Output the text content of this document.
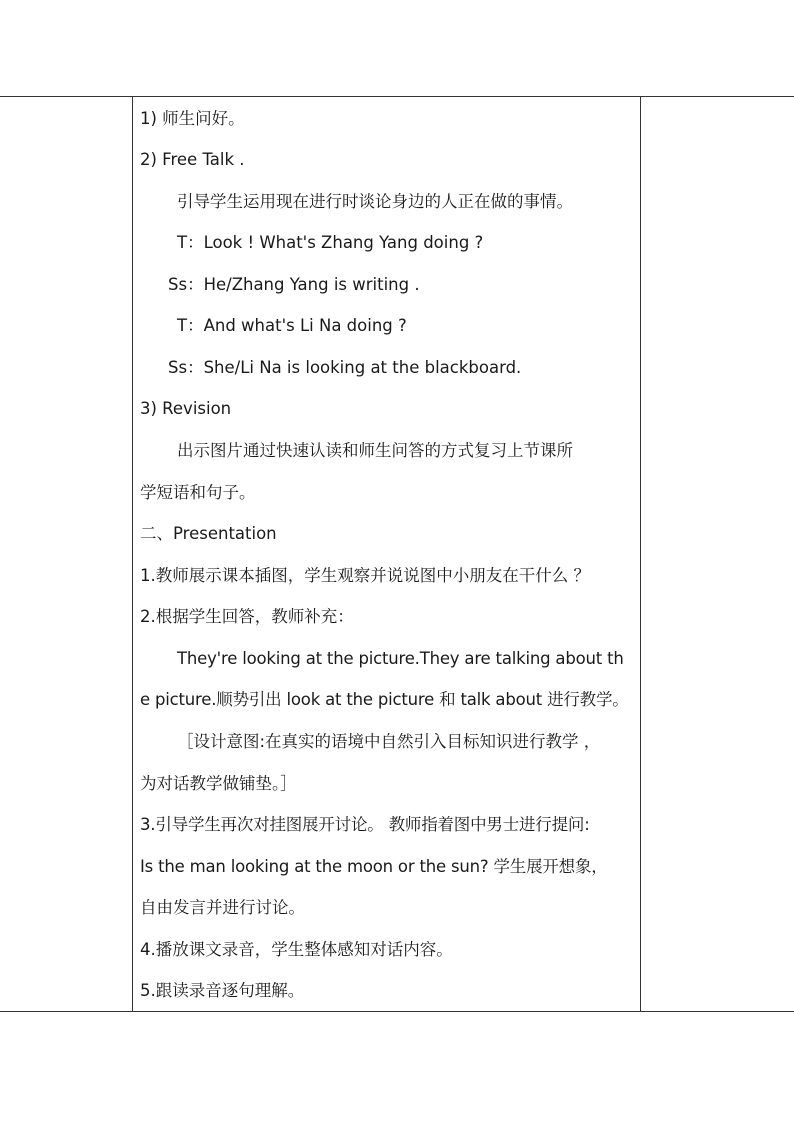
1) 师生问好。
2) Free Talk .
引导学生运用现在进行时谈论身边的人正在做的事情。
T：Look ! What's Zhang Yang doing ?
Ss：He/Zhang Yang is writing .
T：And what's Li Na doing ?
Ss：She/Li Na is looking at the blackboard.
3) Revision
出示图片通过快速认读和师生问答的方式复习上节课所
学短语和句子。
二、Presentation
1.教师展示课本插图，学生观察并说说图中小朋友在干什么 ？
2.根据学生回答，教师补充：
They're looking at the picture.They are talking about th
e picture.顺势引出 look at the picture 和 talk about 进行教学。
［设计意图:在真实的语境中自然引入目标知识进行教学 ，
为对话教学做铺垫。］
3.引导学生再次对挂图展开讨论。 教师指着图中男士进行提问:
Is the man looking at the moon or the sun? 学生展开想象，
自由发言并进行讨论。
4.播放课文录音，学生整体感知对话内容。
5.跟读录音逐句理解。
